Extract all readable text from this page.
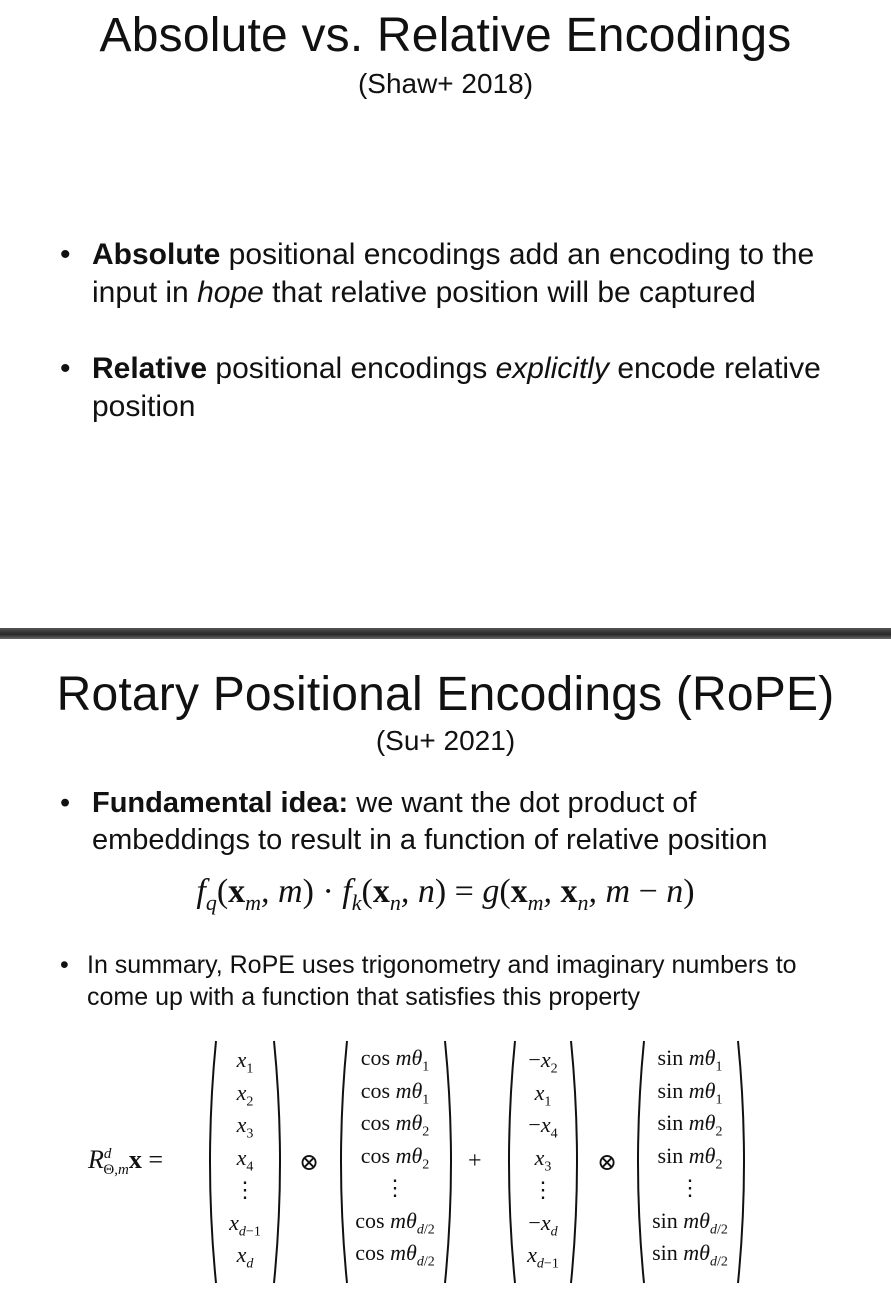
Absolute vs. Relative Encodings

(Shaw+ 2018)

• Absolute positional encodings add an encoding to the input in hope that relative position will be captured
• Relative positional encodings explicitly encode relative position
Rotary Positional Encodings (RoPE)

(Su+ 2021)

• Fundamental idea: we want the dot product of embeddings to result in a function of relative position
$f_q(x_m$, $m) \cdot f_k(x_n$, $n) = g(x_m$, $x_n$, m − n)
• In summary, RoPE uses trigonometry and imaginary numbers to come up with a function that satisfies this property
$R^d_{\Theta,m}x$ =
$x_1$
$x_2$
$x_3$
$x_4$
⋮
$x_{d-1}$
$x_d$
⊗
$\cos m\theta_1$
$\cos m\theta_1$
$\cos m\theta_2$
$\cos m\theta_2$
⋮
$\cos m\theta_{d/2}$
$\cos m\theta_{d/2}$
+
$-x_2$
$x_1$
$-x_4$
$x_3$
⋮
$-x_d$
$x_{d-1}$
⊗
$\sin m\theta_1$
$\sin m\theta_1$
$\sin m\theta_2$
$\sin m\theta_2$
⋮
$\sin m\theta_{d/2}$
$\sin m\theta_{d/2}$
